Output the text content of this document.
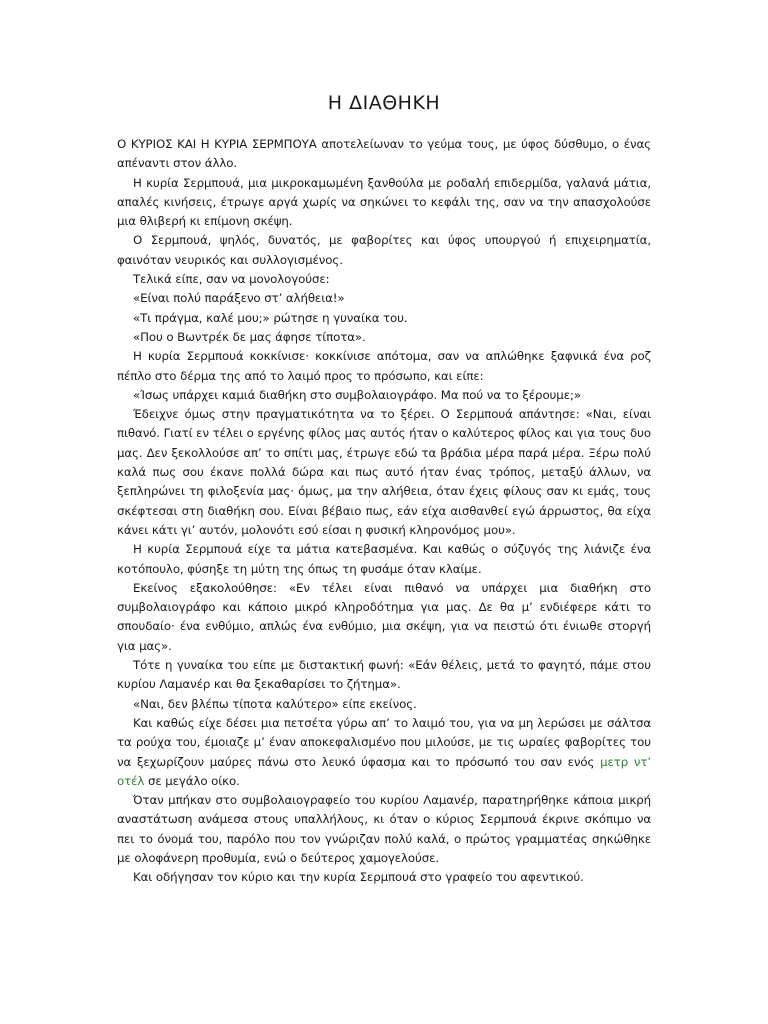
Η ΔΙΑΘΗΚΗ

Ο ΚΥΡΙΟΣ ΚΑΙ Η ΚΥΡΙΑ ΣΕΡΜΠΟΥΑ αποτελείωναν το γεύμα τους, με ύφος δύσθυμο, ο ένας απέναντι στον άλλο.

Η κυρία Σερμπουά, μια μικροκαμωμένη ξανθούλα με ροδαλή επιδερμίδα, γαλανά μάτια, απαλές κινήσεις, έτρωγε αργά χωρίς να σηκώνει το κεφάλι της, σαν να την απασχολούσε μια θλιβερή κι επίμονη σκέψη.

Ο Σερμπουά, ψηλός, δυνατός, με φαβορίτες και ύφος υπουργού ή επιχειρηματία, φαινόταν νευρικός και συλλογισμένος.

Τελικά είπε, σαν να μονολογούσε:

«Είναι πολύ παράξενο στ’ αλήθεια!»

«Τι πράγμα, καλέ μου;» ρώτησε η γυναίκα του.

«Που ο Βωντρέκ δε μας άφησε τίποτα».

Η κυρία Σερμπουά κοκκίνισε· κοκκίνισε απότομα, σαν να απλώθηκε ξαφνικά ένα ροζ πέπλο στο δέρμα της από το λαιμό προς το πρόσωπο, και είπε:

«Ίσως υπάρχει καμιά διαθήκη στο συμβολαιογράφο. Μα πού να το ξέρουμε;»

Έδειχνε όμως στην πραγματικότητα να το ξέρει. Ο Σερμπουά απάντησε: «Ναι, είναι πιθανό. Γιατί εν τέλει ο εργένης φίλος μας αυτός ήταν ο καλύτερος φίλος και για τους δυο μας. Δεν ξεκολλούσε απ’ το σπίτι μας, έτρωγε εδώ τα βράδια μέρα παρά μέρα. Ξέρω πολύ καλά πως σου έκανε πολλά δώρα και πως αυτό ήταν ένας τρόπος, μεταξύ άλλων, να ξεπληρώνει τη φιλοξενία μας· όμως, μα την αλήθεια, όταν έχεις φίλους σαν κι εμάς, τους σκέφτεσαι στη διαθήκη σου. Είναι βέβαιο πως, εάν είχα αισθανθεί εγώ άρρωστος, θα είχα κάνει κάτι γι’ αυτόν, μολονότι εσύ είσαι η φυσική κληρονόμος μου».

Η κυρία Σερμπουά είχε τα μάτια κατεβασμένα. Και καθώς ο σύζυγός της λιάνιζε ένα κοτόπουλο, φύσηξε τη μύτη της όπως τη φυσάμε όταν κλαίμε.

Εκείνος εξακολούθησε: «Εν τέλει είναι πιθανό να υπάρχει μια διαθήκη στο συμβολαιογράφο και κάποιο μικρό κληροδότημα για μας. Δε θα μ’ ενδιέφερε κάτι το σπουδαίο· ένα ενθύμιο, απλώς ένα ενθύμιο, μια σκέψη, για να πειστώ ότι ένιωθε στοργή για μας».

Τότε η γυναίκα του είπε με διστακτική φωνή: «Εάν θέλεις, μετά το φαγητό, πάμε στου κυρίου Λαμανέρ και θα ξεκαθαρίσει το ζήτημα».

«Ναι, δεν βλέπω τίποτα καλύτερο» είπε εκείνος.

Και καθώς είχε δέσει μια πετσέτα γύρω απ’ το λαιμό του, για να μη λερώσει με σάλτσα τα ρούχα του, έμοιαζε μ’ έναν αποκεφαλισμένο που μιλούσε, με τις ωραίες φαβορίτες του να ξεχωρίζουν μαύρες πάνω στο λευκό ύφασμα και το πρόσωπό του σαν ενός μετρ ντ’ οτέλ σε μεγάλο οίκο.

Όταν μπήκαν στο συμβολαιογραφείο του κυρίου Λαμανέρ, παρατηρήθηκε κάποια μικρή αναστάτωση ανάμεσα στους υπαλλήλους, κι όταν ο κύριος Σερμπουά έκρινε σκόπιμο να πει το όνομά του, παρόλο που τον γνώριζαν πολύ καλά, ο πρώτος γραμματέας σηκώθηκε με ολοφάνερη προθυμία, ενώ ο δεύτερος χαμογελούσε.

Και οδήγησαν τον κύριο και την κυρία Σερμπουά στο γραφείο του αφεντικού.
